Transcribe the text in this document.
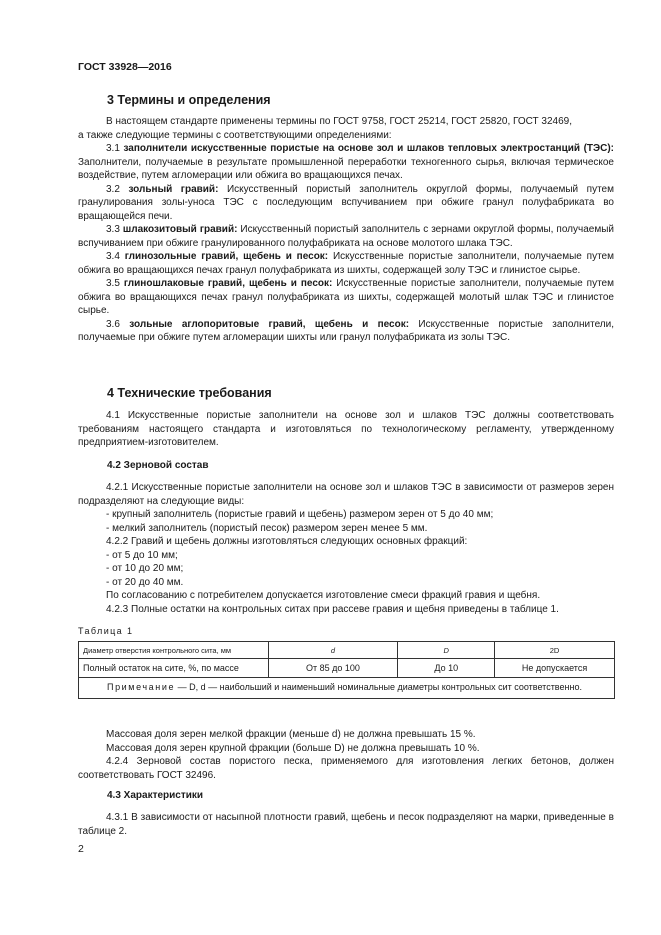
ГОСТ 33928—2016
3 Термины и определения

В настоящем стандарте применены термины по ГОСТ 9758, ГОСТ 25214, ГОСТ 25820, ГОСТ 32469,

а также следующие термины с соответствующими определениями:

3.1 заполнители искусственные пористые на основе зол и шлаков тепловых электростанций (ТЭС): Заполнители, получаемые в результате промышленной переработки техногенного сырья, включая термическое воздействие, путем агломерации или обжига во вращающихся печах.

3.2 зольный гравий: Искусственный пористый заполнитель округлой формы, получаемый путем гранулирования золы-уноса ТЭС с последующим вспучиванием при обжиге гранул полуфабриката во вращающейся печи.

3.3 шлакозитовый гравий: Искусственный пористый заполнитель с зернами округлой формы, получаемый вспучиванием при обжиге гранулированного полуфабриката на основе молотого шлака ТЭС.

3.4 глинозольные гравий, щебень и песок: Искусственные пористые заполнители, получаемые путем обжига во вращающихся печах гранул полуфабриката из шихты, содержащей золу ТЭС и глинистое сырье.

3.5 глиношлаковые гравий, щебень и песок: Искусственные пористые заполнители, получаемые путем обжига во вращающихся печах гранул полуфабриката из шихты, содержащей молотый шлак ТЭС и глинистое сырье.

3.6 зольные аглопоритовые гравий, щебень и песок: Искусственные пористые заполнители, получаемые при обжиге путем агломерации шихты или гранул полуфабриката из золы ТЭС.

4 Технические требования

4.1 Искусственные пористые заполнители на основе зол и шлаков ТЭС должны соответствовать требованиям настоящего стандарта и изготовляться по технологическому регламенту, утвержденному предприятием-изготовителем.

4.2 Зерновой состав

4.2.1 Искусственные пористые заполнители на основе зол и шлаков ТЭС в зависимости от размеров зерен подразделяют на следующие виды:

- крупный заполнитель (пористые гравий и щебень) размером зерен от 5 до 40 мм;

- мелкий заполнитель (пористый песок) размером зерен менее 5 мм.

4.2.2 Гравий и щебень должны изготовляться следующих основных фракций:

- от 5 до 10 мм;

- от 10 до 20 мм;

- от 20 до 40 мм.

По согласованию с потребителем допускается изготовление смеси фракций гравия и щебня.

4.2.3 Полные остатки на контрольных ситах при рассеве гравия и щебня приведены в таблице 1.

Таблица 1
Диаметр отверстия контрольного сита, мм	d	D	2D
Полный остаток на сите, %, по массе	От 85 до 100	До 10	Не допускается
Примечание — D, d — наибольший и наименьший номинальные диаметры контрольных сит соответственно.			

Массовая доля зерен мелкой фракции (меньше d) не должна превышать 15 %.

Массовая доля зерен крупной фракции (больше D) не должна превышать 10 %.

4.2.4 Зерновой состав пористого песка, применяемого для изготовления легких бетонов, должен соответствовать ГОСТ 32496.

4.3 Характеристики

4.3.1 В зависимости от насыпной плотности гравий, щебень и песок подразделяют на марки, приведенные в таблице 2.

2
